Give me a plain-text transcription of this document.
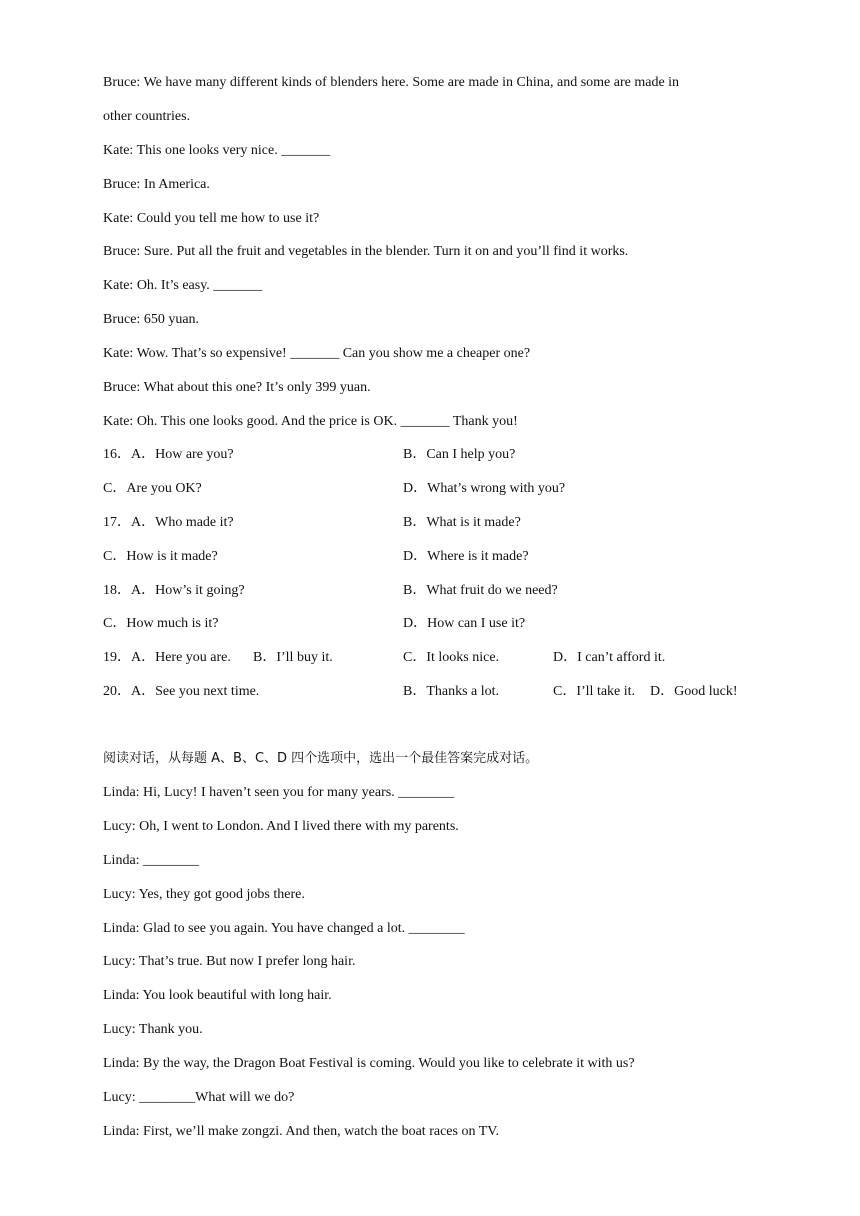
Bruce: We have many different kinds of blenders here. Some are made in China, and some are made in
other countries.
Kate: This one looks very nice. _______
Bruce: In America.
Kate: Could you tell me how to use it?
Bruce: Sure. Put all the fruit and vegetables in the blender. Turn it on and you’ll find it works.
Kate: Oh. It’s easy. _______
Bruce: 650 yuan.
Kate: Wow. That’s so expensive! _______ Can you show me a cheaper one?
Bruce: What about this one? It’s only 399 yuan.
Kate: Oh. This one looks good. And the price is OK. _______ Thank you!
16．A．How are you?	B．Can I help you?
C．Are you OK?	D．What’s wrong with you?
17．A．Who made it?	B．What is it made?
C．How is it made?	D．Where is it made?
18．A．How’s it going?	B．What fruit do we need?
C．How much is it?	D．How can I use it?
19．A．Here you are. B．I’ll buy it.	C．It looks nice.	D．I can’t afford it.
20．A．See you next time.	B．Thanks a lot.	C．I’ll take it. D．Good luck!
阅读对话，从每题 A、B、C、D 四个选项中，选出一个最佳答案完成对话。
Linda: Hi, Lucy! I haven’t seen you for many years. ________
Lucy: Oh, I went to London. And I lived there with my parents.
Linda: ________
Lucy: Yes, they got good jobs there.
Linda: Glad to see you again. You have changed a lot. ________
Lucy: That’s true. But now I prefer long hair.
Linda: You look beautiful with long hair.
Lucy: Thank you.
Linda: By the way, the Dragon Boat Festival is coming. Would you like to celebrate it with us?
Lucy: ________What will we do?
Linda: First, we’ll make zongzi. And then, watch the boat races on TV.
